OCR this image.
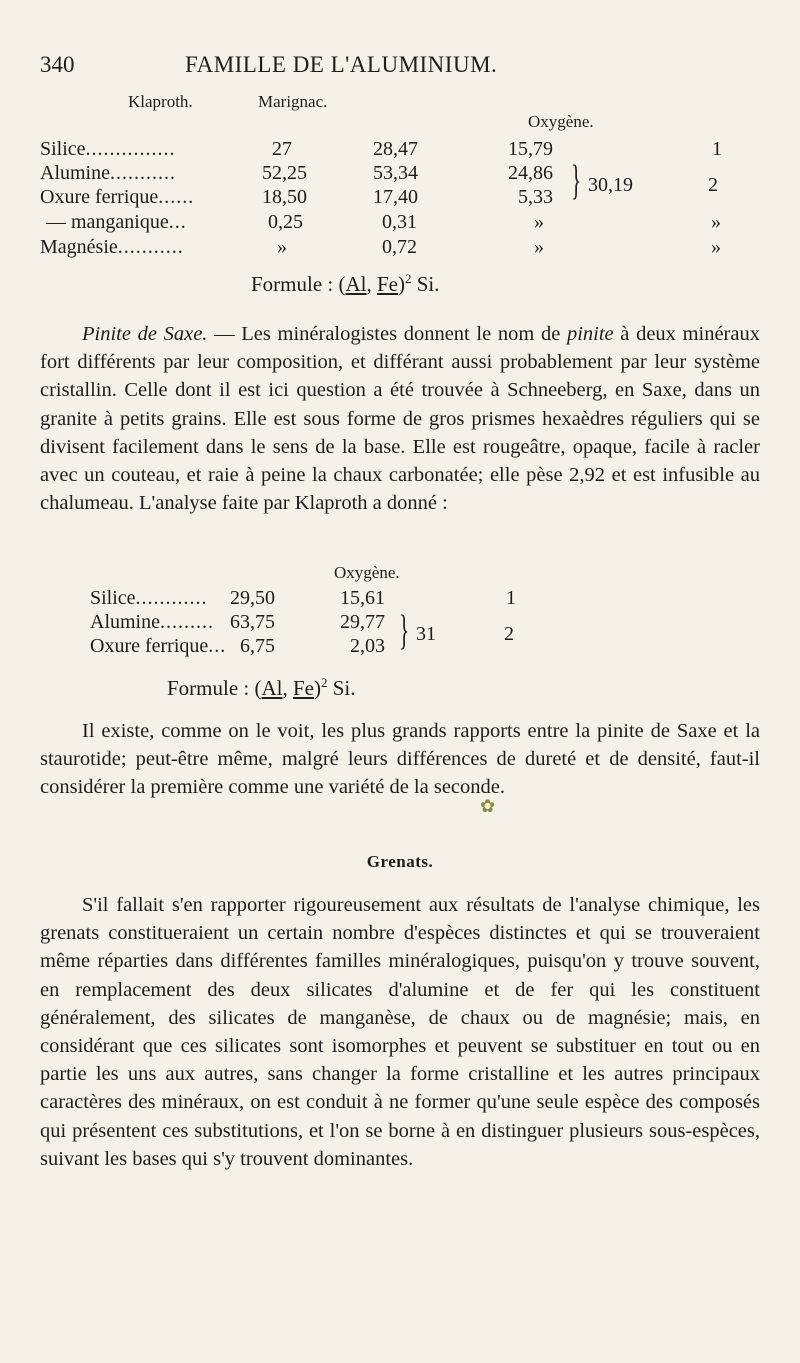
340	FAMILLE DE L'ALUMINIUM.
Klaproth.	Marignac.
Oxygène.
Silice...............	27	28,47	15,79	1
Alumine...........	52,25	53,34	24,86
Oxure ferrique......	18,50	17,40	5,33 } 30,19	2
— manganique...	0,25	0,31	»	»
Magnésie...........	»	0,72	»	»
Formule : (Al, Fe)$^2$ Si.

Pinite de Saxe. — Les minéralogistes donnent le nom de pinite à deux minéraux fort différents par leur composition, et différant aussi probablement par leur système cristallin. Celle dont il est ici question a été trouvée à Schneeberg, en Saxe, dans un granite à petits grains. Elle est sous forme de gros prismes hexaèdres réguliers qui se divisent facilement dans le sens de la base. Elle est rougeâtre, opaque, facile à racler avec un couteau, et raie à peine la chaux carbonatée; elle pèse 2,92 et est infusible au chalumeau. L'analyse faite par Klaproth a donné :

Oxygène.
Silice............ 29,50	15,61	1
Alumine......... 63,75	29,77
Oxure ferrique... 6,75	2,03 } 31	2
Formule : (Al, Fe)$^2$ Si.

Il existe, comme on le voit, les plus grands rapports entre la pinite de Saxe et la staurotide; peut-être même, malgré leurs différences de dureté et de densité, faut-il considérer la première comme une variété de la seconde.

✿
Grenats.

S'il fallait s'en rapporter rigoureusement aux résultats de l'analyse chimique, les grenats constitueraient un certain nombre d'espèces distinctes et qui se trouveraient même réparties dans différentes familles minéralogiques, puisqu'on y trouve souvent, en remplacement des deux silicates d'alumine et de fer qui les constituent généralement, des silicates de manganèse, de chaux ou de magnésie; mais, en considérant que ces silicates sont isomorphes et peuvent se substituer en tout ou en partie les uns aux autres, sans changer la forme cristalline et les autres principaux caractères des minéraux, on est conduit à ne former qu'une seule espèce des composés qui présentent ces substitutions, et l'on se borne à en distinguer plusieurs sous-espèces, suivant les bases qui s'y trouvent dominantes.
